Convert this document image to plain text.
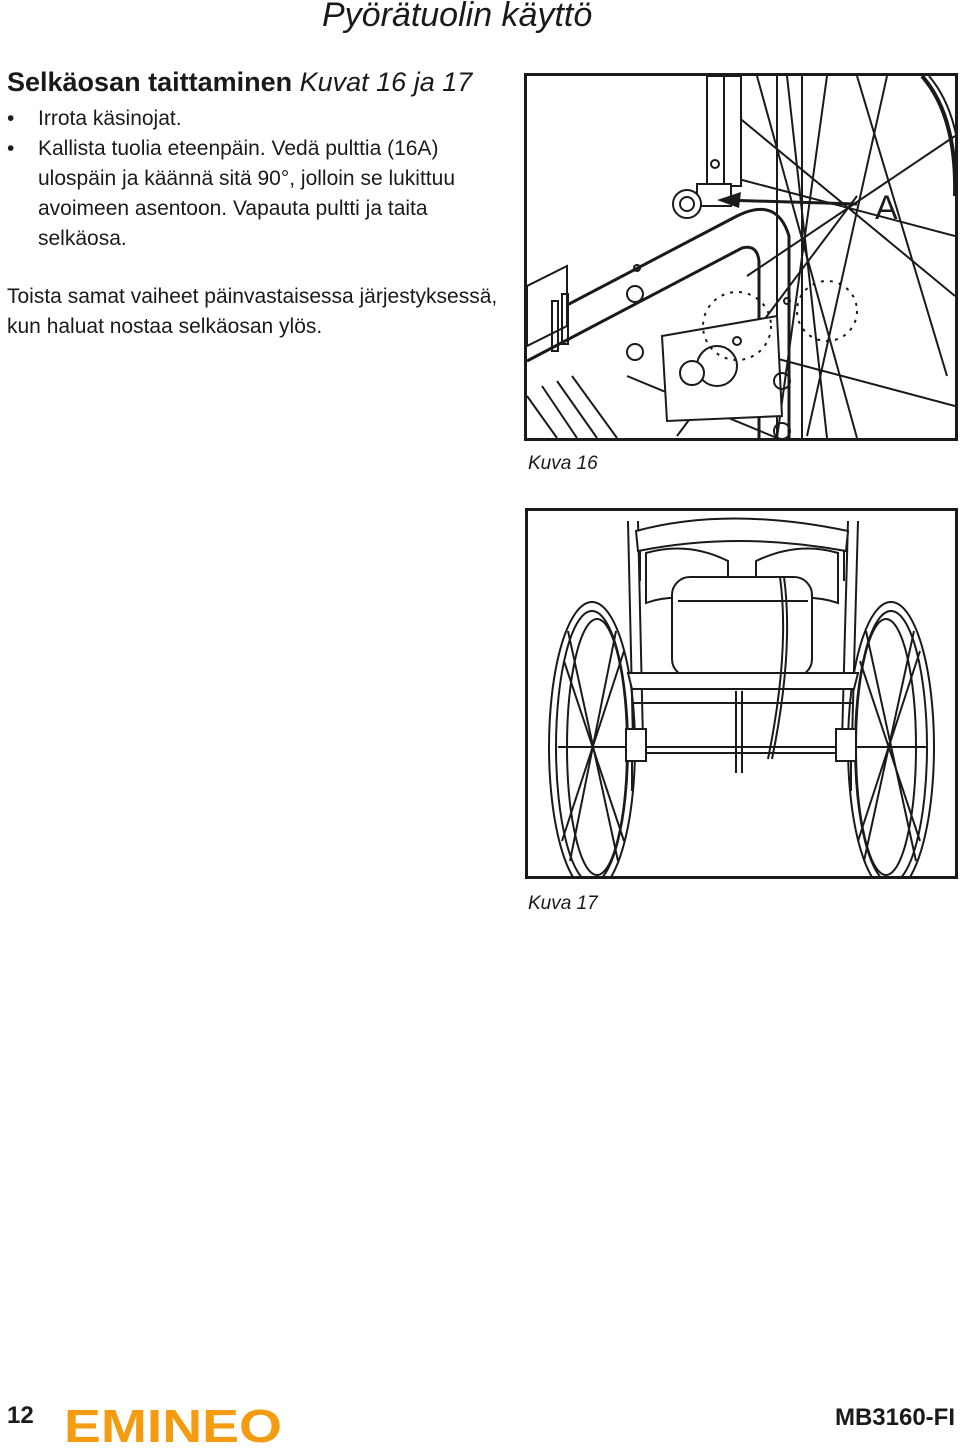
Pyörätuolin käyttö
Selkäosan taittaminen Kuvat 16 ja 17
• Irrota käsinojat.
• Kallista tuolia eteenpäin. Vedä pulttia (16A) ulospäin ja käännä sitä 90°, jolloin se lukittuu avoimeen asentoon. Vapauta pultti ja taita selkäosa.

Toista samat vaiheet päinvastaisessa järjestyksessä, kun haluat nostaa selkäosan ylös.

A
Kuva 16
Kuva 17
12 EMINEO	MB3160-FI
